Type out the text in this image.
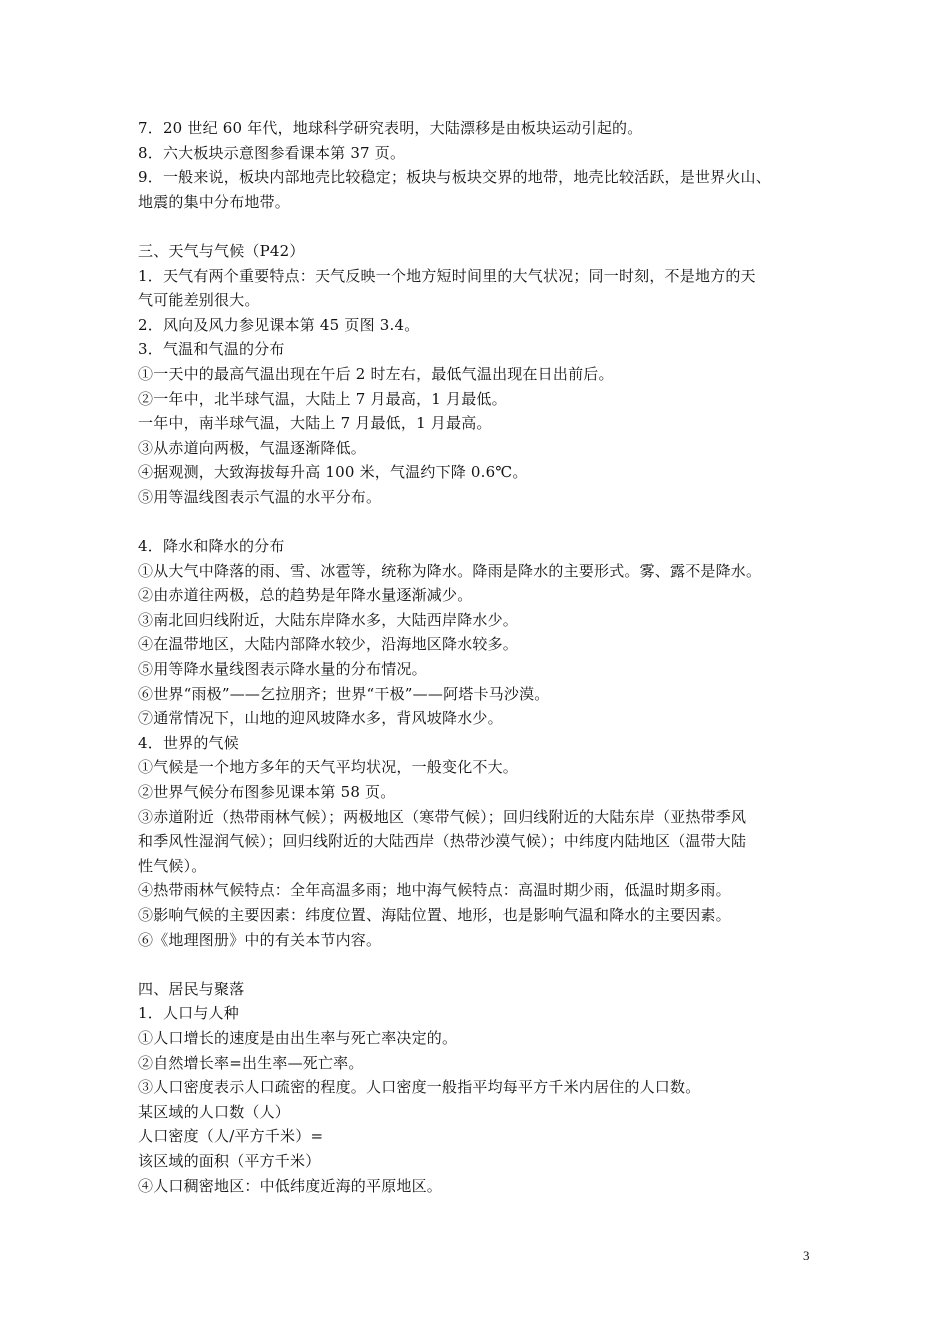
7．20 世纪 60 年代，地球科学研究表明，大陆漂移是由板块运动引起的。
8．六大板块示意图参看课本第 37 页。
9．一般来说，板块内部地壳比较稳定；板块与板块交界的地带，地壳比较活跃，是世界火山、
地震的集中分布地带。
三、天气与气候（P42）
1．天气有两个重要特点：天气反映一个地方短时间里的大气状况；同一时刻，不是地方的天
气可能差别很大。
2．风向及风力参见课本第 45 页图 3.4。
3．气温和气温的分布
①一天中的最高气温出现在午后 2 时左右，最低气温出现在日出前后。
②一年中，北半球气温，大陆上 7 月最高，1 月最低。
一年中，南半球气温，大陆上 7 月最低，1 月最高。
③从赤道向两极，气温逐渐降低。
④据观测，大致海拔每升高 100 米，气温约下降 0.6℃。
⑤用等温线图表示气温的水平分布。
4．降水和降水的分布
①从大气中降落的雨、雪、冰雹等，统称为降水。降雨是降水的主要形式。雾、露不是降水。
②由赤道往两极，总的趋势是年降水量逐渐减少。
③南北回归线附近，大陆东岸降水多，大陆西岸降水少。
④在温带地区，大陆内部降水较少，沿海地区降水较多。
⑤用等降水量线图表示降水量的分布情况。
⑥世界“雨极”——乞拉朋齐；世界“干极”——阿塔卡马沙漠。
⑦通常情况下，山地的迎风坡降水多，背风坡降水少。
4．世界的气候
①气候是一个地方多年的天气平均状况，一般变化不大。
②世界气候分布图参见课本第 58 页。
③赤道附近（热带雨林气候）；两极地区（寒带气候）；回归线附近的大陆东岸（亚热带季风
和季风性湿润气候）；回归线附近的大陆西岸（热带沙漠气候）；中纬度内陆地区（温带大陆
性气候）。
④热带雨林气候特点：全年高温多雨；地中海气候特点：高温时期少雨，低温时期多雨。
⑤影响气候的主要因素：纬度位置、海陆位置、地形，也是影响气温和降水的主要因素。
⑥《地理图册》中的有关本节内容。
四、居民与聚落
1．人口与人种
①人口增长的速度是由出生率与死亡率决定的。
②自然增长率=出生率—死亡率。
③人口密度表示人口疏密的程度。人口密度一般指平均每平方千米内居住的人口数。
某区域的人口数（人）
人口密度（人/平方千米）=
该区域的面积（平方千米）
④人口稠密地区：中低纬度近海的平原地区。
3
